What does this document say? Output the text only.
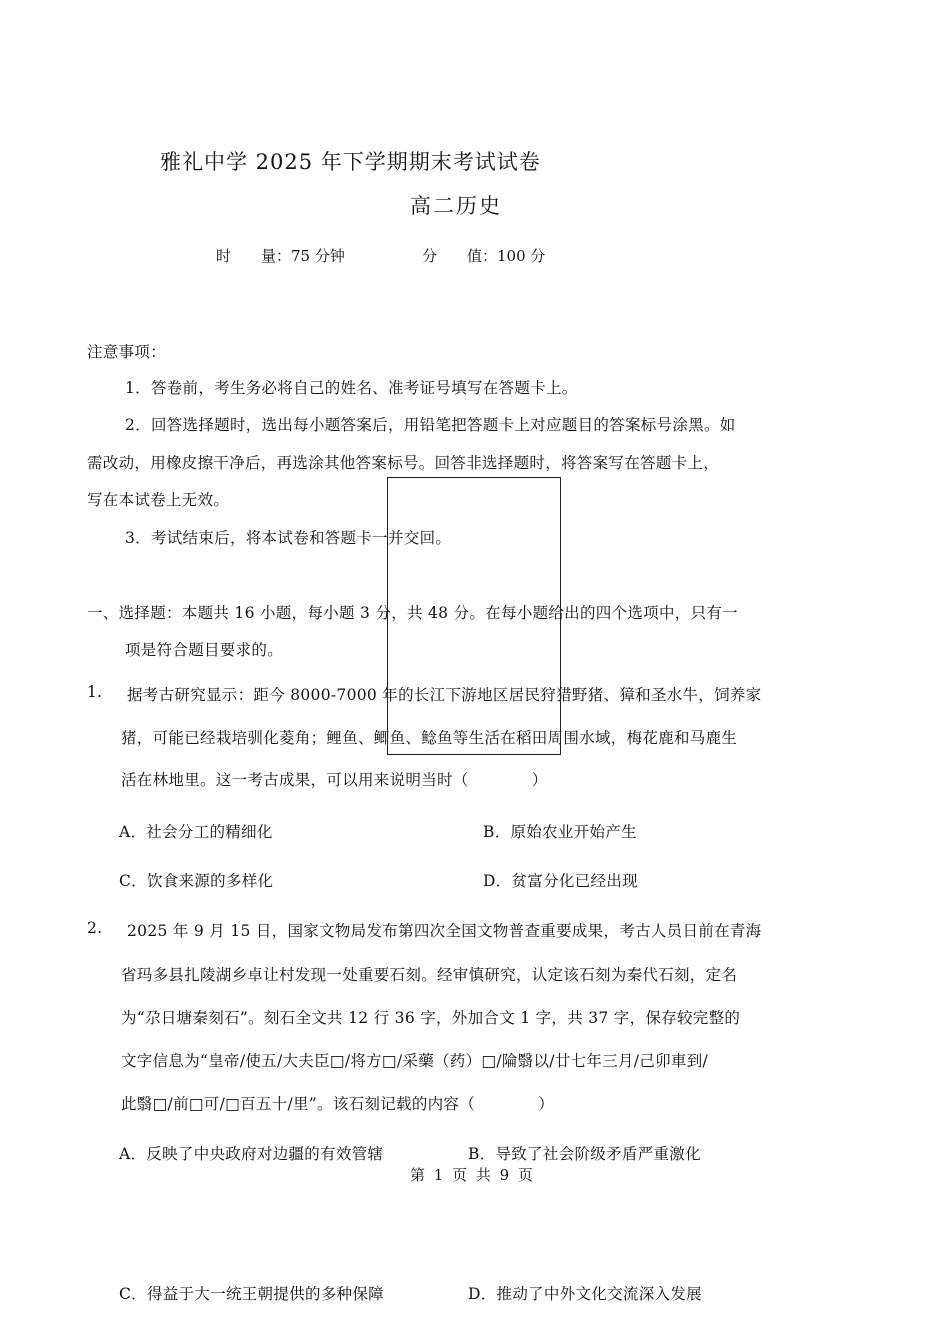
雅礼中学 2025 年下学期期末考试试卷
高二历史
时　　量：75 分钟	分　　值：100 分
注意事项：
1．答卷前，考生务必将自己的姓名、准考证号填写在答题卡上。
2．回答选择题时，选出每小题答案后，用铅笔把答题卡上对应题目的答案标号涂黑。如
需改动，用橡皮擦干净后，再选涂其他答案标号。回答非选择题时，将答案写在答题卡上，
写在本试卷上无效。
3．考试结束后，将本试卷和答题卡一并交回。
一、选择题：本题共 16 小题，每小题 3 分，共 48 分。在每小题给出的四个选项中，只有一
项是符合题目要求的。
1. 据考古研究显示：距今 8000-7000 年的长江下游地区居民狩猎野猪、獐和圣水牛，饲养家
猪，可能已经栽培驯化菱角；鲤鱼、鲫鱼、鲶鱼等生活在稻田周围水域，梅花鹿和马鹿生
活在林地里。这一考古成果，可以用来说明当时（　　　　）
A．社会分工的精细化	B．原始农业开始产生
C．饮食来源的多样化	D．贫富分化已经出现
2. 2025 年 9 月 15 日，国家文物局发布第四次全国文物普查重要成果，考古人员日前在青海
省玛多县扎陵湖乡卓让村发现一处重要石刻。经审慎研究，认定该石刻为秦代石刻，定名
为“尕日塘秦刻石”。刻石全文共 12 行 36 字，外加合文 1 字，共 37 字，保存较完整的
文字信息为“皇帝/使五/大夫臣□/将方□/采藥（药）□/陯翳以/廿七年三月/己卯車到/
此翳□/前□可/□百五十/里”。该石刻记载的内容（　　　　）
A．反映了中央政府对边疆的有效管辖	B．导致了社会阶级矛盾严重激化
第 1 页 共 9 页
C．得益于大一统王朝提供的多种保障	D．推动了中外文化交流深入发展
